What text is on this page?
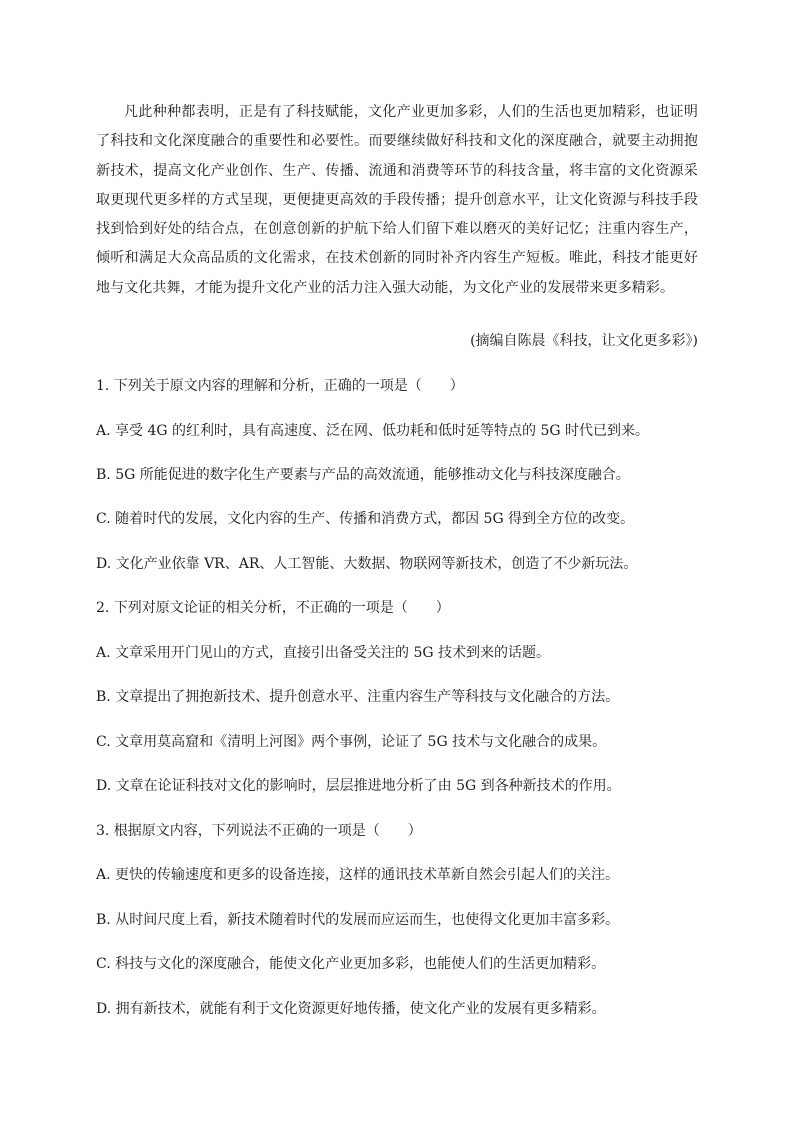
凡此种种都表明，正是有了科技赋能，文化产业更加多彩，人们的生活也更加精彩，也证明了科技和文化深度融合的重要性和必要性。而要继续做好科技和文化的深度融合，就要主动拥抱新技术，提高文化产业创作、生产、传播、流通和消费等环节的科技含量，将丰富的文化资源采取更现代更多样的方式呈现，更便捷更高效的手段传播；提升创意水平，让文化资源与科技手段找到恰到好处的结合点，在创意创新的护航下给人们留下难以磨灭的美好记忆；注重内容生产，倾听和满足大众高品质的文化需求，在技术创新的同时补齐内容生产短板。唯此，科技才能更好地与文化共舞，才能为提升文化产业的活力注入强大动能，为文化产业的发展带来更多精彩。

(摘编自陈晨《科技，让文化更多彩》)
1. 下列关于原文内容的理解和分析，正确的一项是（　　）
A. 享受 4G 的红利时，具有高速度、泛在网、低功耗和低时延等特点的 5G 时代已到来。
B. 5G 所能促进的数字化生产要素与产品的高效流通，能够推动文化与科技深度融合。
C. 随着时代的发展，文化内容的生产、传播和消费方式，都因 5G 得到全方位的改变。
D. 文化产业依靠 VR、AR、人工智能、大数据、物联网等新技术，创造了不少新玩法。
2. 下列对原文论证的相关分析，不正确的一项是（　　）
A. 文章采用开门见山的方式，直接引出备受关注的 5G 技术到来的话题。
B. 文章提出了拥抱新技术、提升创意水平、注重内容生产等科技与文化融合的方法。
C. 文章用莫高窟和《清明上河图》两个事例，论证了 5G 技术与文化融合的成果。
D. 文章在论证科技对文化的影响时，层层推进地分析了由 5G 到各种新技术的作用。
3. 根据原文内容，下列说法不正确的一项是（　　）
A. 更快的传输速度和更多的设备连接，这样的通讯技术革新自然会引起人们的关注。
B. 从时间尺度上看，新技术随着时代的发展而应运而生，也使得文化更加丰富多彩。
C. 科技与文化的深度融合，能使文化产业更加多彩，也能使人们的生活更加精彩。
D. 拥有新技术，就能有利于文化资源更好地传播，使文化产业的发展有更多精彩。
